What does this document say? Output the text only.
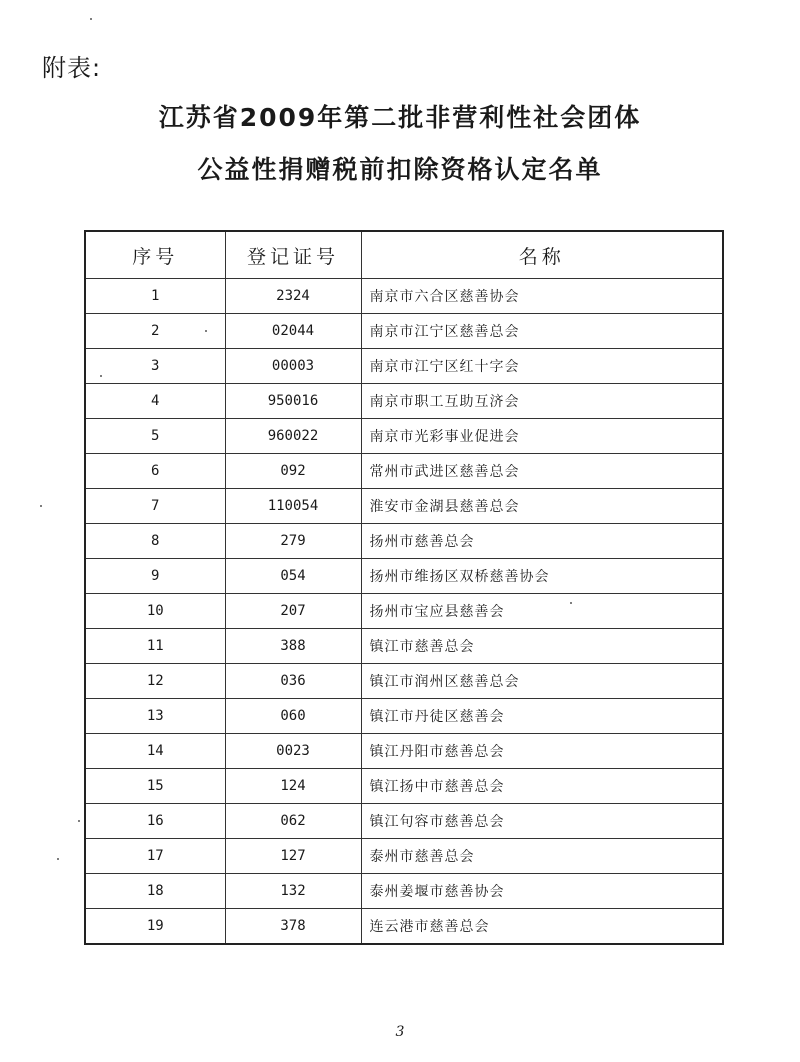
附表:
江苏省2009年第二批非营利性社会团体
公益性捐赠税前扣除资格认定名单
序号	登记证号	名称
1	2324	南京市六合区慈善协会
2	02044	南京市江宁区慈善总会
3	00003	南京市江宁区红十字会
4	950016	南京市职工互助互济会
5	960022	南京市光彩事业促进会
6	092	常州市武进区慈善总会
7	110054	淮安市金湖县慈善总会
8	279	扬州市慈善总会
9	054	扬州市维扬区双桥慈善协会
10	207	扬州市宝应县慈善会
11	388	镇江市慈善总会
12	036	镇江市润州区慈善总会
13	060	镇江市丹徒区慈善会
14	0023	镇江丹阳市慈善总会
15	124	镇江扬中市慈善总会
16	062	镇江句容市慈善总会
17	127	泰州市慈善总会
18	132	泰州姜堰市慈善协会
19	378	连云港市慈善总会
3
